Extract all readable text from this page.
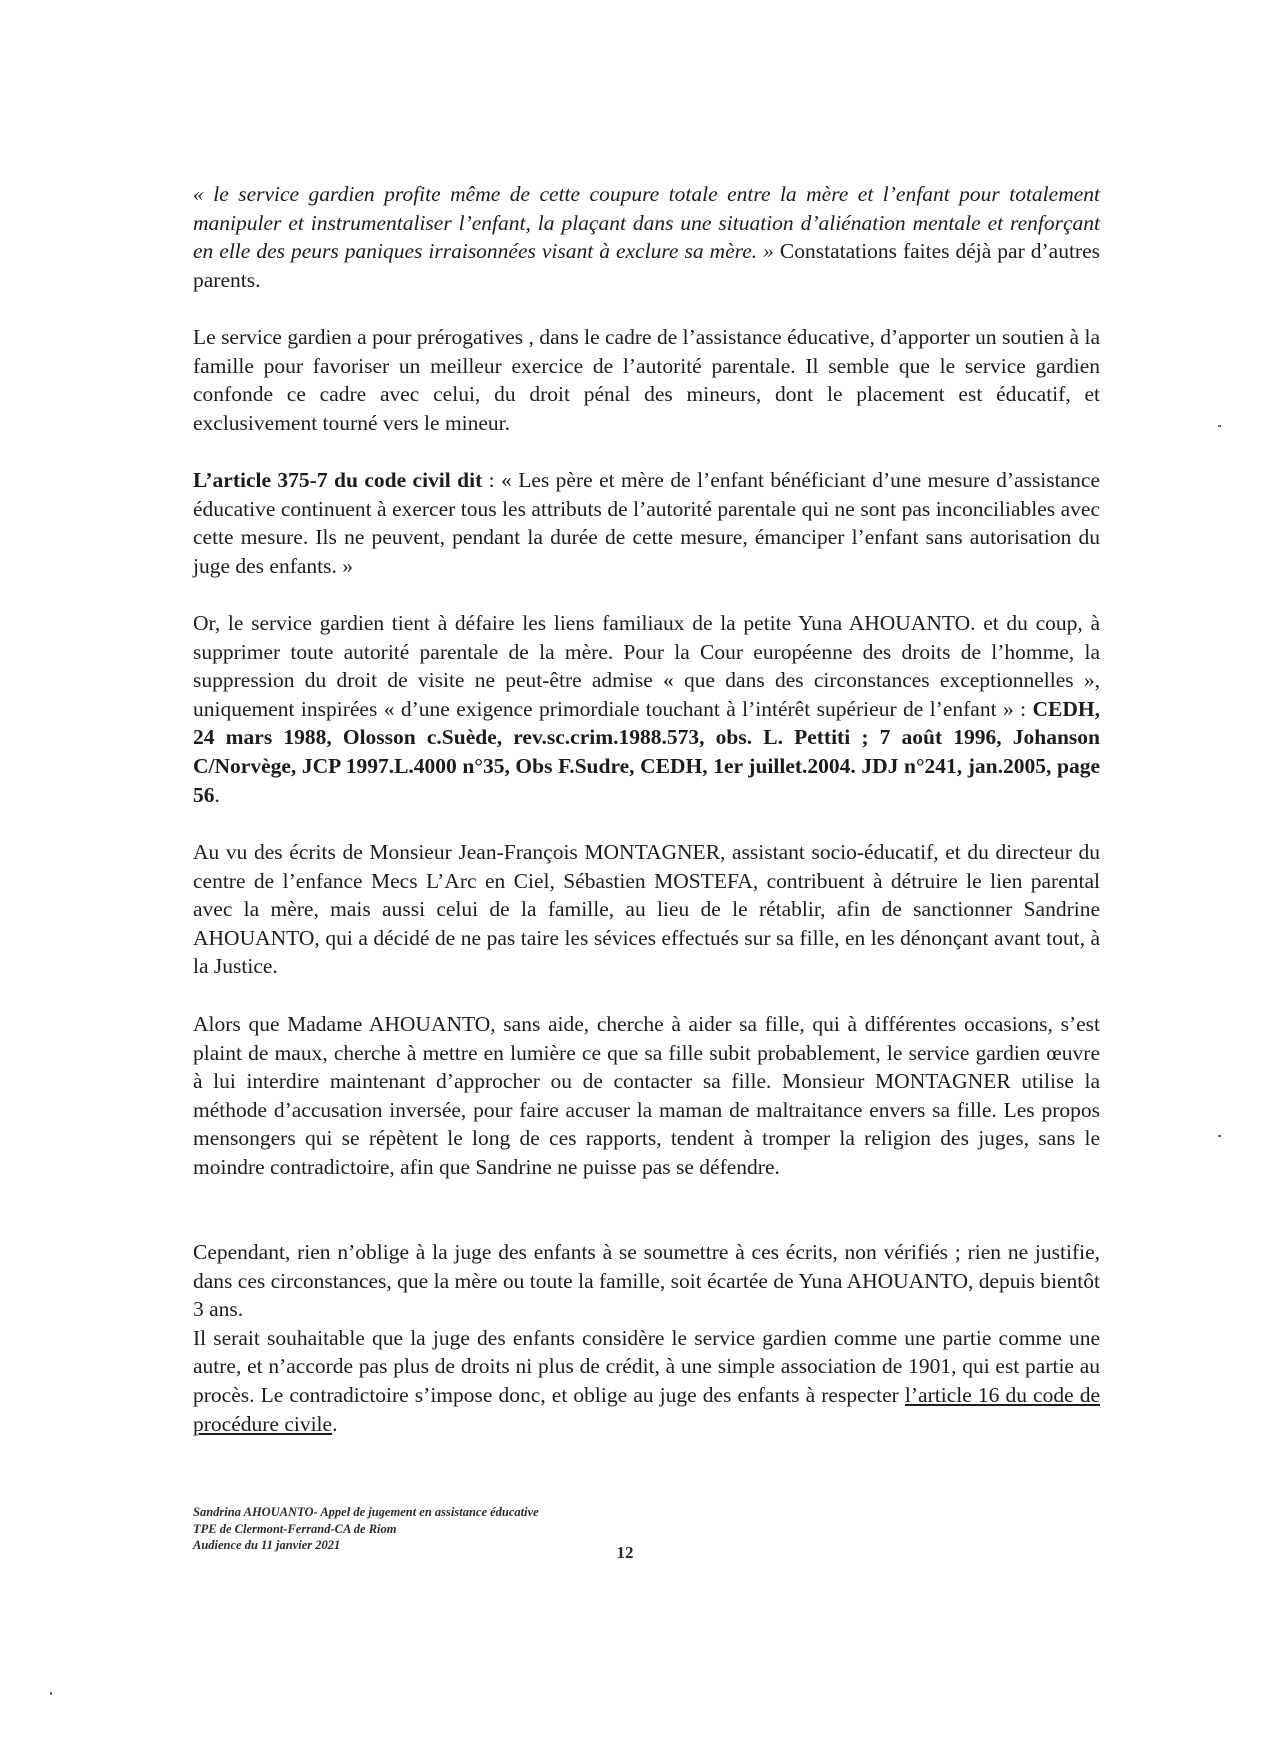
« le service gardien profite même de cette coupure totale entre la mère et l’enfant pour totalement manipuler et instrumentaliser l’enfant, la plaçant dans une situation d’aliénation mentale et renforçant en elle des peurs paniques irraisonnées visant à exclure sa mère. » Constatations faites déjà par d’autres parents.

Le service gardien a pour prérogatives , dans le cadre de l’assistance éducative, d’apporter un soutien à la famille pour favoriser un meilleur exercice de l’autorité parentale. Il semble que le service gardien confonde ce cadre avec celui, du droit pénal des mineurs, dont le placement est éducatif, et exclusivement tourné vers le mineur.

L’article 375-7 du code civil dit : « Les père et mère de l’enfant bénéficiant d’une mesure d’assistance éducative continuent à exercer tous les attributs de l’autorité parentale qui ne sont pas inconciliables avec cette mesure. Ils ne peuvent, pendant la durée de cette mesure, émanciper l’enfant sans autorisation du juge des enfants. »

Or, le service gardien tient à défaire les liens familiaux de la petite Yuna AHOUANTO. et du coup, à supprimer toute autorité parentale de la mère. Pour la Cour européenne des droits de l’homme, la suppression du droit de visite ne peut-être admise « que dans des circonstances exceptionnelles », uniquement inspirées « d’une exigence primordiale touchant à l’intérêt supérieur de l’enfant » : CEDH, 24 mars 1988, Olosson c.Suède, rev.sc.crim.1988.573, obs. L. Pettiti ; 7 août 1996, Johanson C/Norvège, JCP 1997.L.4000 n°35, Obs F.Sudre, CEDH, 1er juillet.2004. JDJ n°241, jan.2005, page 56.

Au vu des écrits de Monsieur Jean-François MONTAGNER, assistant socio-éducatif, et du directeur du centre de l’enfance Mecs L’Arc en Ciel, Sébastien MOSTEFA, contribuent à détruire le lien parental avec la mère, mais aussi celui de la famille, au lieu de le rétablir, afin de sanctionner Sandrine AHOUANTO, qui a décidé de ne pas taire les sévices effectués sur sa fille, en les dénonçant avant tout, à la Justice.

Alors que Madame AHOUANTO, sans aide, cherche à aider sa fille, qui à différentes occasions, s’est plaint de maux, cherche à mettre en lumière ce que sa fille subit probablement, le service gardien œuvre à lui interdire maintenant d’approcher ou de contacter sa fille. Monsieur MONTAGNER utilise la méthode d’accusation inversée, pour faire accuser la maman de maltraitance envers sa fille. Les propos mensongers qui se répètent le long de ces rapports, tendent à tromper la religion des juges, sans le moindre contradictoire, afin que Sandrine ne puisse pas se défendre.

Cependant, rien n’oblige à la juge des enfants à se soumettre à ces écrits, non vérifiés ; rien ne justifie, dans ces circonstances, que la mère ou toute la famille, soit écartée de Yuna AHOUANTO, depuis bientôt 3 ans.

Il serait souhaitable que la juge des enfants considère le service gardien comme une partie comme une autre, et n’accorde pas plus de droits ni plus de crédit, à une simple association de 1901, qui est partie au procès. Le contradictoire s’impose donc, et oblige au juge des enfants à respecter l’article 16 du code de procédure civile.

Sandrina AHOUANTO- Appel de jugement en assistance éducative
TPE de Clermont-Ferrand-CA de Riom
Audience du 11 janvier 2021	12
